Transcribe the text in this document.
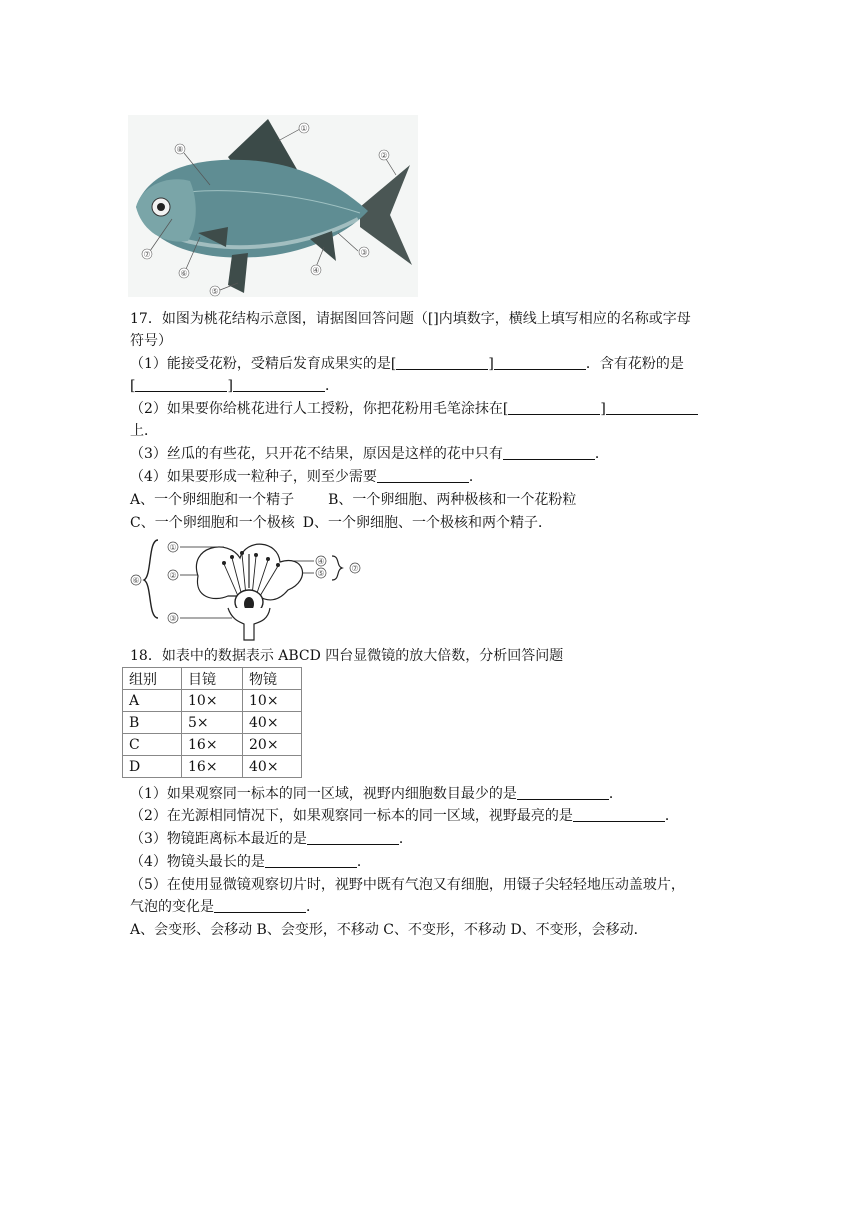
①
②
③
④
⑤
⑥
⑦
⑧
17．如图为桃花结构示意图，请据图回答问题（[]内填数字，横线上填写相应的名称或字母
符号）
（1）能接受花粉，受精后发育成果实的是[	]	．含有花粉的是
[	]	．
（2）如果要你给桃花进行人工授粉，你把花粉用毛笔涂抹在[	]
上．
（3）丝瓜的有些花，只开花不结果，原因是这样的花中只有	．
（4）如果要形成一粒种子，则至少需要	．
A、一个卵细胞和一个精子 B、一个卵细胞、两种极核和一个花粉粒
C、一个卵细胞和一个极核 D、一个卵细胞、一个极核和两个精子．
①
②
③
④
⑤
⑥
⑦
18．如表中的数据表示 ABCD 四台显微镜的放大倍数，分析回答问题
组别	目镜	物镜
A	10×	10×
B	5×	40×
C	16×	20×
D	16×	40×
（1）如果观察同一标本的同一区域，视野内细胞数目最少的是	．
（2）在光源相同情况下，如果观察同一标本的同一区域，视野最亮的是	．
（3）物镜距离标本最近的是	．
（4）物镜头最长的是	．
（5）在使用显微镜观察切片时，视野中既有气泡又有细胞，用镊子尖轻轻地压动盖玻片，
气泡的变化是	．
A、会变形、会移动 B、会变形，不移动 C、不变形，不移动 D、不变形，会移动．
